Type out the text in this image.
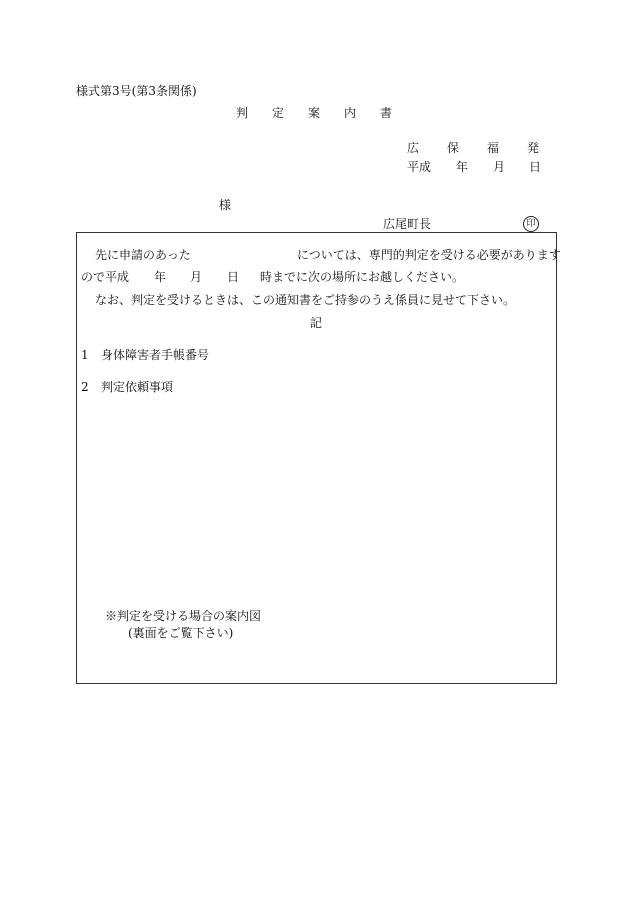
様式第3号(第3条関係)
判 定 案 内 書
広 保 福 発
平成 年 月 日
様
広尾町長	印
先に申請のあった	については、専門的判定を受ける必要があります
ので平成 年 月 日 時までに次の場所にお越しください。
なお、判定を受けるときは、この通知書をご持参のうえ係員に見せて下さい。
記
1 身体障害者手帳番号
2 判定依頼事項
※判定を受ける場合の案内図
(裏面をご覧下さい)
